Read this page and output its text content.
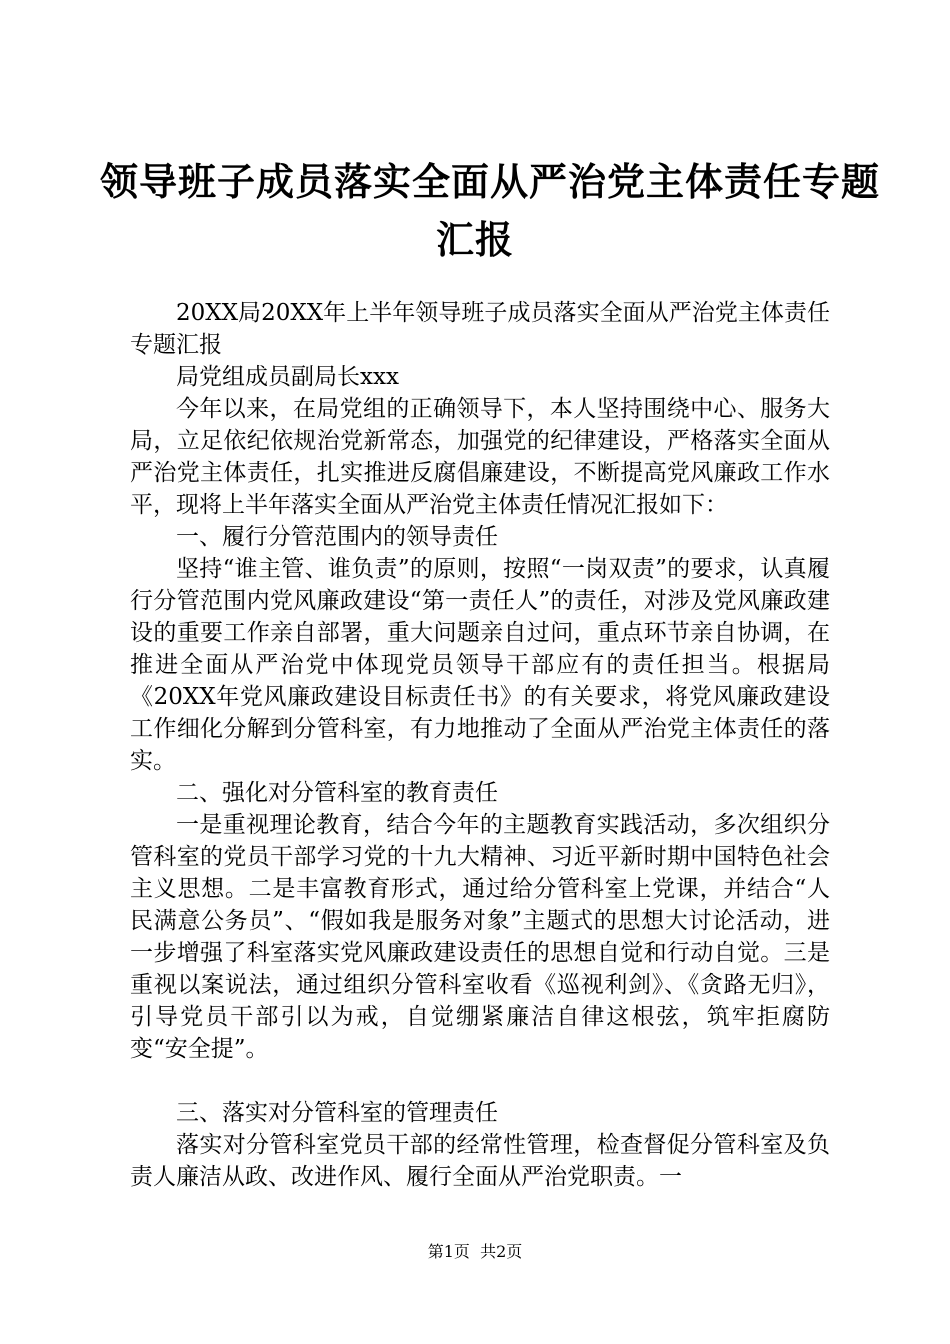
领导班子成员落实全面从严治党主体责任专题
汇报

20XX局20XX年上半年领导班子成员落实全面从严治党主体责任专题汇报

局党组成员副局长xxx

今年以来，在局党组的正确领导下，本人坚持围绕中心、服务大局，立足依纪依规治党新常态，加强党的纪律建设，严格落实全面从严治党主体责任，扎实推进反腐倡廉建设，不断提高党风廉政工作水平，现将上半年落实全面从严治党主体责任情况汇报如下：

一、履行分管范围内的领导责任

坚持“谁主管、谁负责”的原则，按照“一岗双责”的要求，认真履行分管范围内党风廉政建设“第一责任人”的责任，对涉及党风廉政建设的重要工作亲自部署，重大问题亲自过问，重点环节亲自协调，在推进全面从严治党中体现党员领导干部应有的责任担当。根据局《20XX年党风廉政建设目标责任书》的有关要求，将党风廉政建设工作细化分解到分管科室，有力地推动了全面从严治党主体责任的落实。

二、强化对分管科室的教育责任

一是重视理论教育，结合今年的主题教育实践活动，多次组织分管科室的党员干部学习党的十九大精神、习近平新时期中国特色社会主义思想。二是丰富教育形式，通过给分管科室上党课，并结合“人民满意公务员”、“假如我是服务对象”主题式的思想大讨论活动，进一步增强了科室落实党风廉政建设责任的思想自觉和行动自觉。三是重视以案说法，通过组织分管科室收看《巡视利剑》、《贪路无归》，引导党员干部引以为戒，自觉绷紧廉洁自律这根弦，筑牢拒腐防变“安全提”。

三、落实对分管科室的管理责任

落实对分管科室党员干部的经常性管理，检查督促分管科室及负责人廉洁从政、改进作风、履行全面从严治党职责。一

第1页  共2页
